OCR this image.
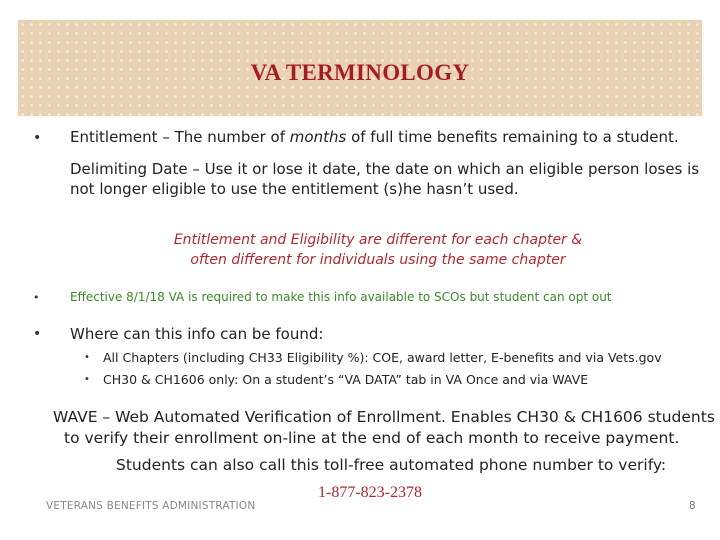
VA TERMINOLOGY
• Entitlement – The number of months of full time benefits remaining to a student.
Delimiting Date – Use it or lose it date, the date on which an eligible person loses is
not longer eligible to use the entitlement (s)he hasn’t used.
Entitlement and Eligibility are different for each chapter &
often different for individuals using the same chapter
•	Effective 8/1/18 VA is required to make this info available to SCOs but student can opt out
• Where can this info can be found:
• All Chapters (including CH33 Eligibility %): COE, award letter, E-benefits and via Vets.gov
• CH30 & CH1606 only: On a student’s “VA DATA” tab in VA Once and via WAVE
WAVE – Web Automated Verification of Enrollment. Enables CH30 & CH1606 students
to verify their enrollment on-line at the end of each month to receive payment.
Students can also call this toll-free automated phone number to verify:
1-877-823-2378
VETERANS BENEFITS ADMINISTRATION	8
